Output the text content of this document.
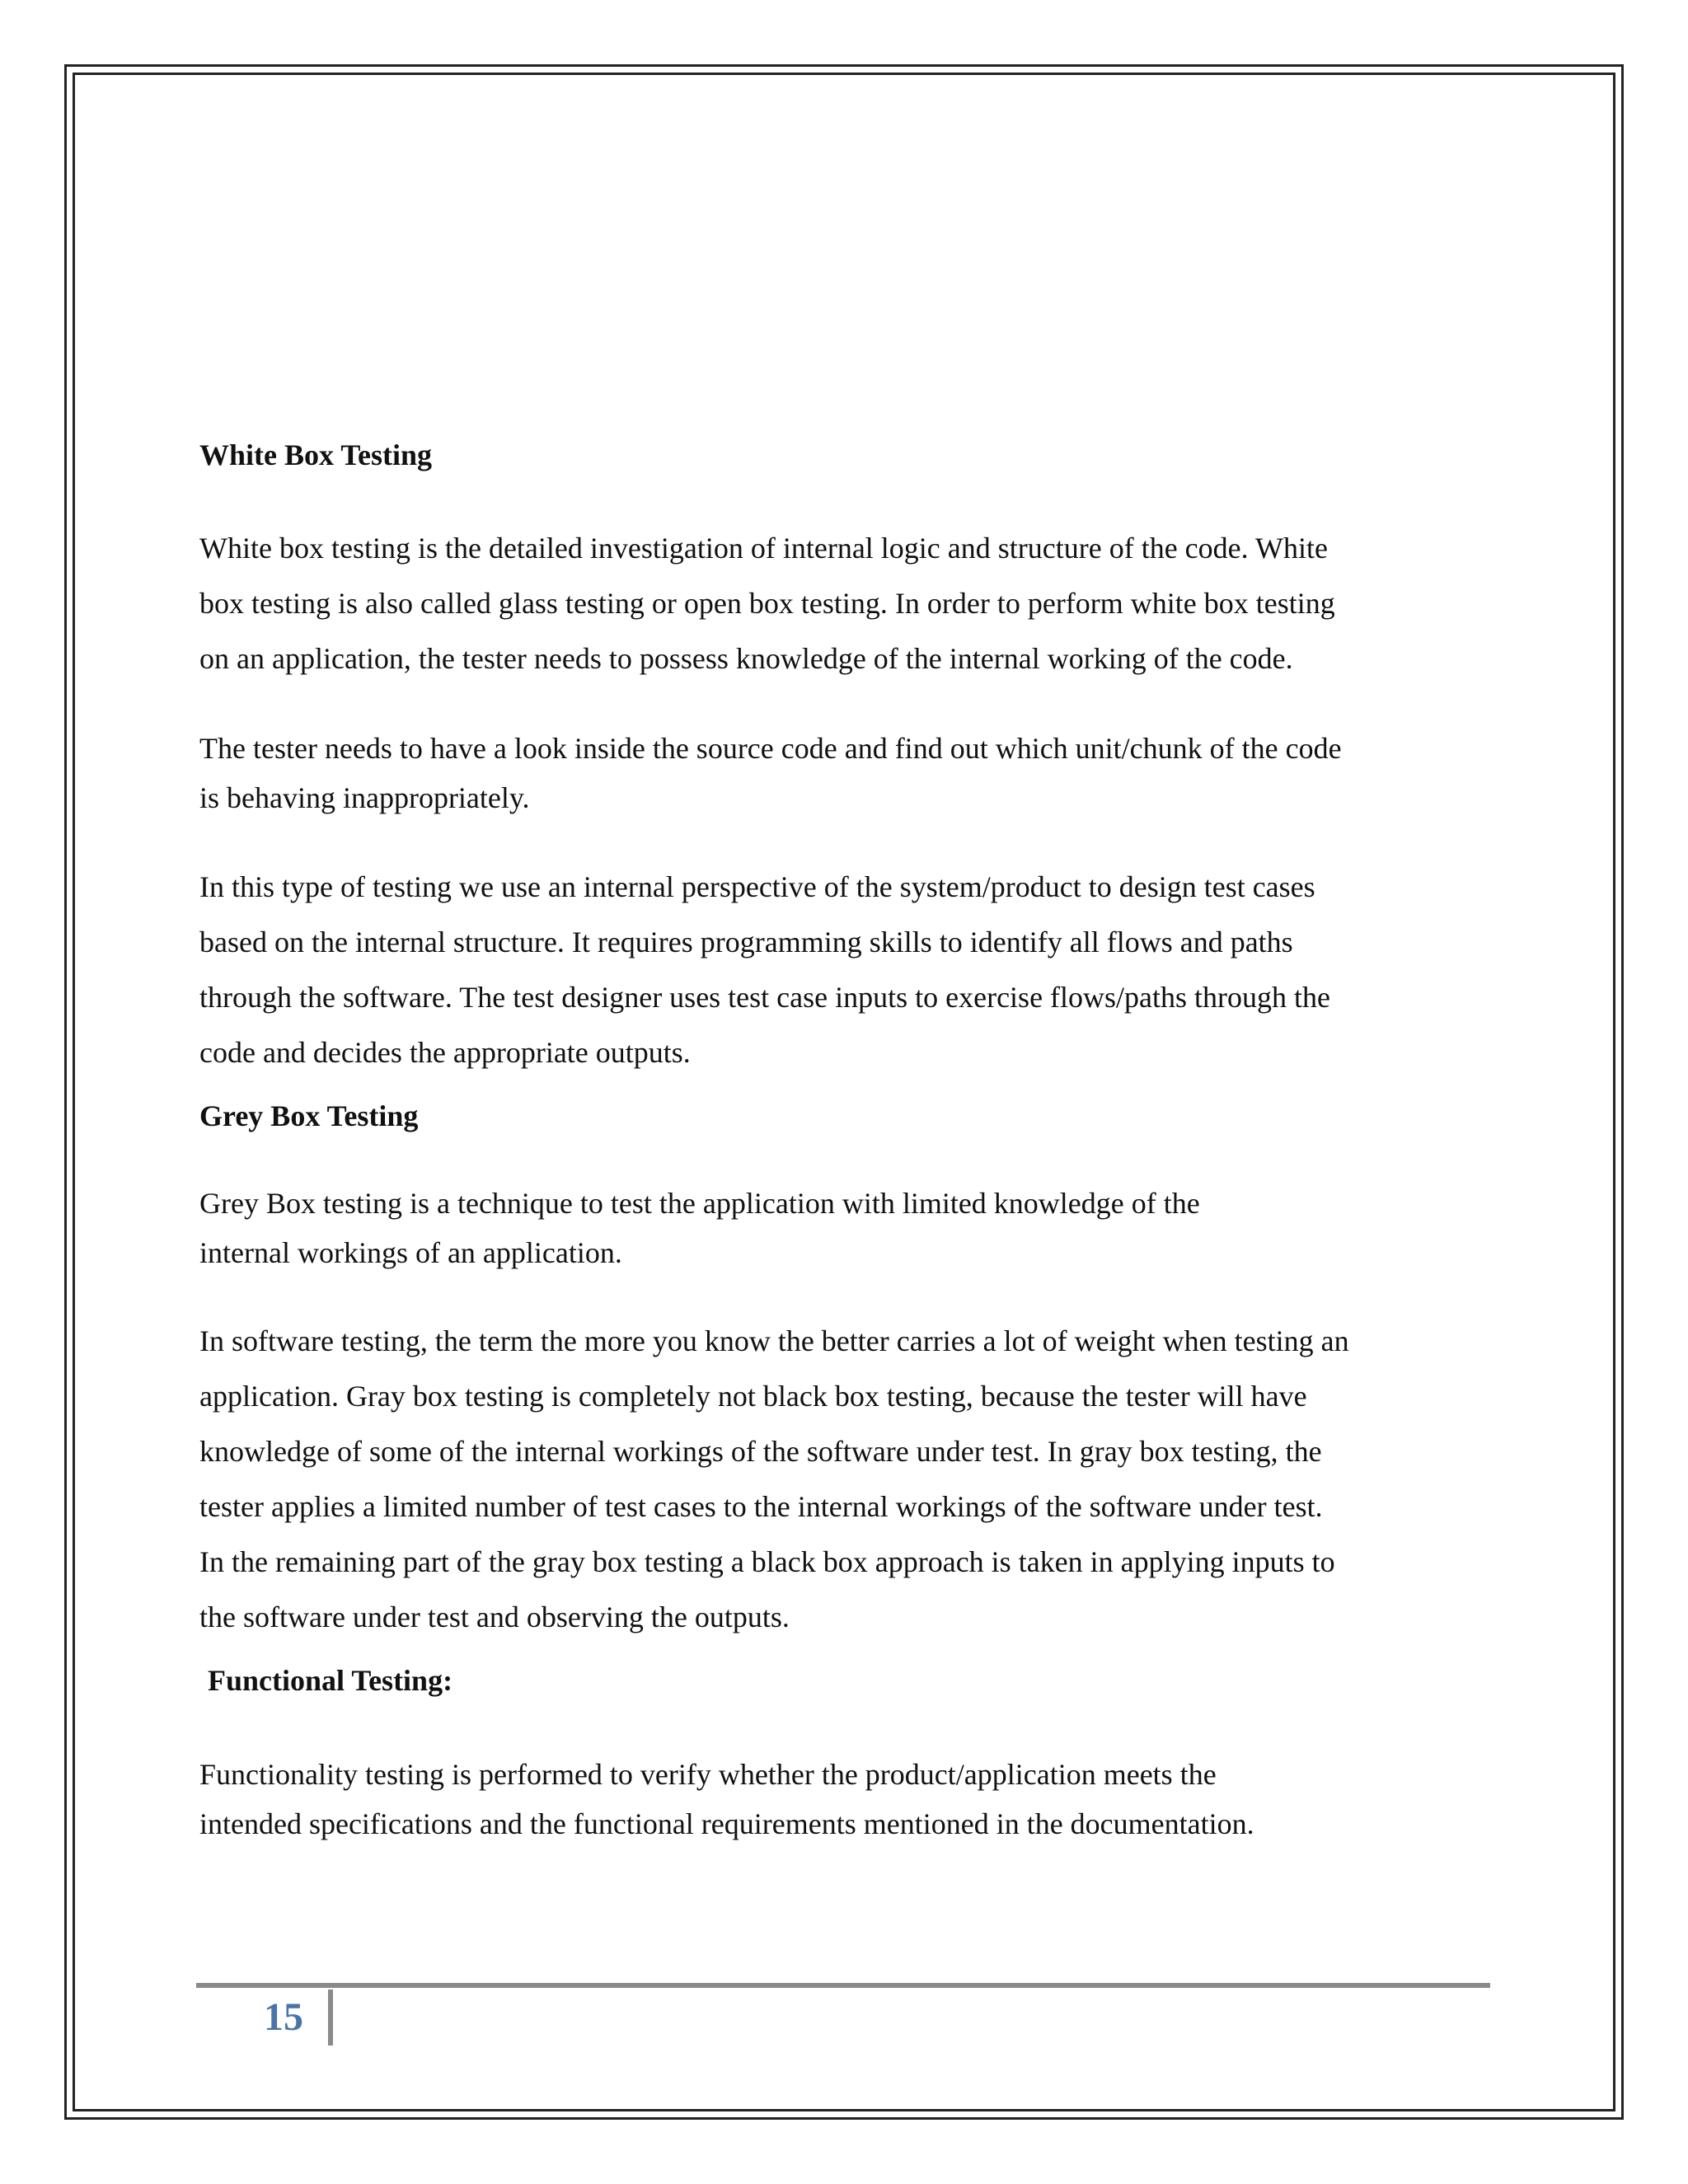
White Box Testing

White box testing is the detailed investigation of internal logic and structure of the code. White
box testing is also called glass testing or open box testing. In order to perform white box testing
on an application, the tester needs to possess knowledge of the internal working of the code.

The tester needs to have a look inside the source code and find out which unit/chunk of the code
is behaving inappropriately.

In this type of testing we use an internal perspective of the system/product to design test cases
based on the internal structure. It requires programming skills to identify all flows and paths
through the software. The test designer uses test case inputs to exercise flows/paths through the
code and decides the appropriate outputs.

Grey Box Testing

Grey Box testing is a technique to test the application with limited knowledge of the
internal workings of an application.

In software testing, the term the more you know the better carries a lot of weight when testing an
application. Gray box testing is completely not black box testing, because the tester will have
knowledge of some of the internal workings of the software under test. In gray box testing, the
tester applies a limited number of test cases to the internal workings of the software under test.
In the remaining part of the gray box testing a black box approach is taken in applying inputs to
the software under test and observing the outputs.

Functional Testing:

Functionality testing is performed to verify whether the product/application meets the
intended specifications and the functional requirements mentioned in the documentation.

15
